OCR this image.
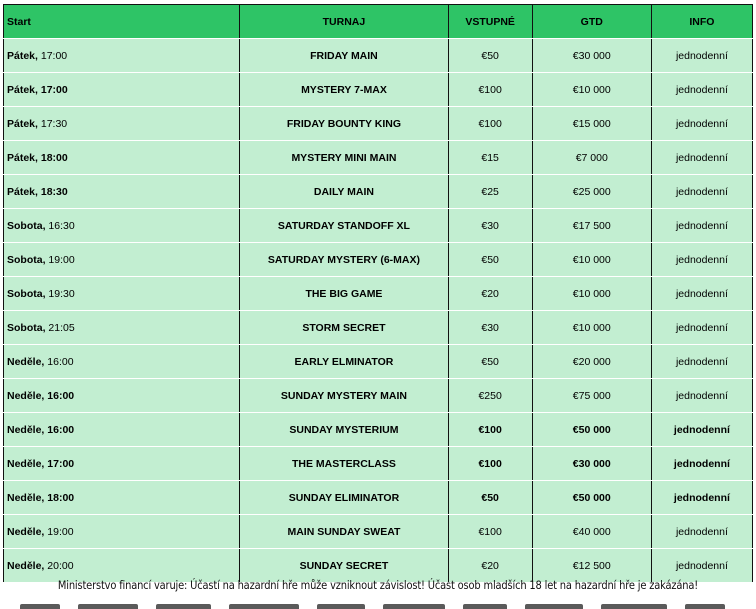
Start	TURNAJ	VSTUPNÉ	GTD	INFO
Pátek, 17:00	FRIDAY MAIN	€50	€30 000	jednodenní
Pátek, 17:00	MYSTERY 7-MAX	€100	€10 000	jednodenní
Pátek, 17:30	FRIDAY BOUNTY KING	€100	€15 000	jednodenní
Pátek, 18:00	MYSTERY MINI MAIN	€15	€7 000	jednodenní
Pátek, 18:30	DAILY MAIN	€25	€25 000	jednodenní
Sobota, 16:30	SATURDAY STANDOFF XL	€30	€17 500	jednodenní
Sobota, 19:00	SATURDAY MYSTERY (6-MAX)	€50	€10 000	jednodenní
Sobota, 19:30	THE BIG GAME	€20	€10 000	jednodenní
Sobota, 21:05	STORM SECRET	€30	€10 000	jednodenní
Neděle, 16:00	EARLY ELMINATOR	€50	€20 000	jednodenní
Neděle, 16:00	SUNDAY MYSTERY MAIN	€250	€75 000	jednodenní
Neděle, 16:00	SUNDAY MYSTERIUM	€100	€50 000	jednodenní
Neděle, 17:00	THE MASTERCLASS	€100	€30 000	jednodenní
Neděle, 18:00	SUNDAY ELIMINATOR	€50	€50 000	jednodenní
Neděle, 19:00	MAIN SUNDAY SWEAT	€100	€40 000	jednodenní
Neděle, 20:00	SUNDAY SECRET	€20	€12 500	jednodenní
Ministerstvo financí varuje: Účastí na hazardní hře může vzniknout závislost! Účast osob mladších 18 let na hazardní hře je zakázána!
